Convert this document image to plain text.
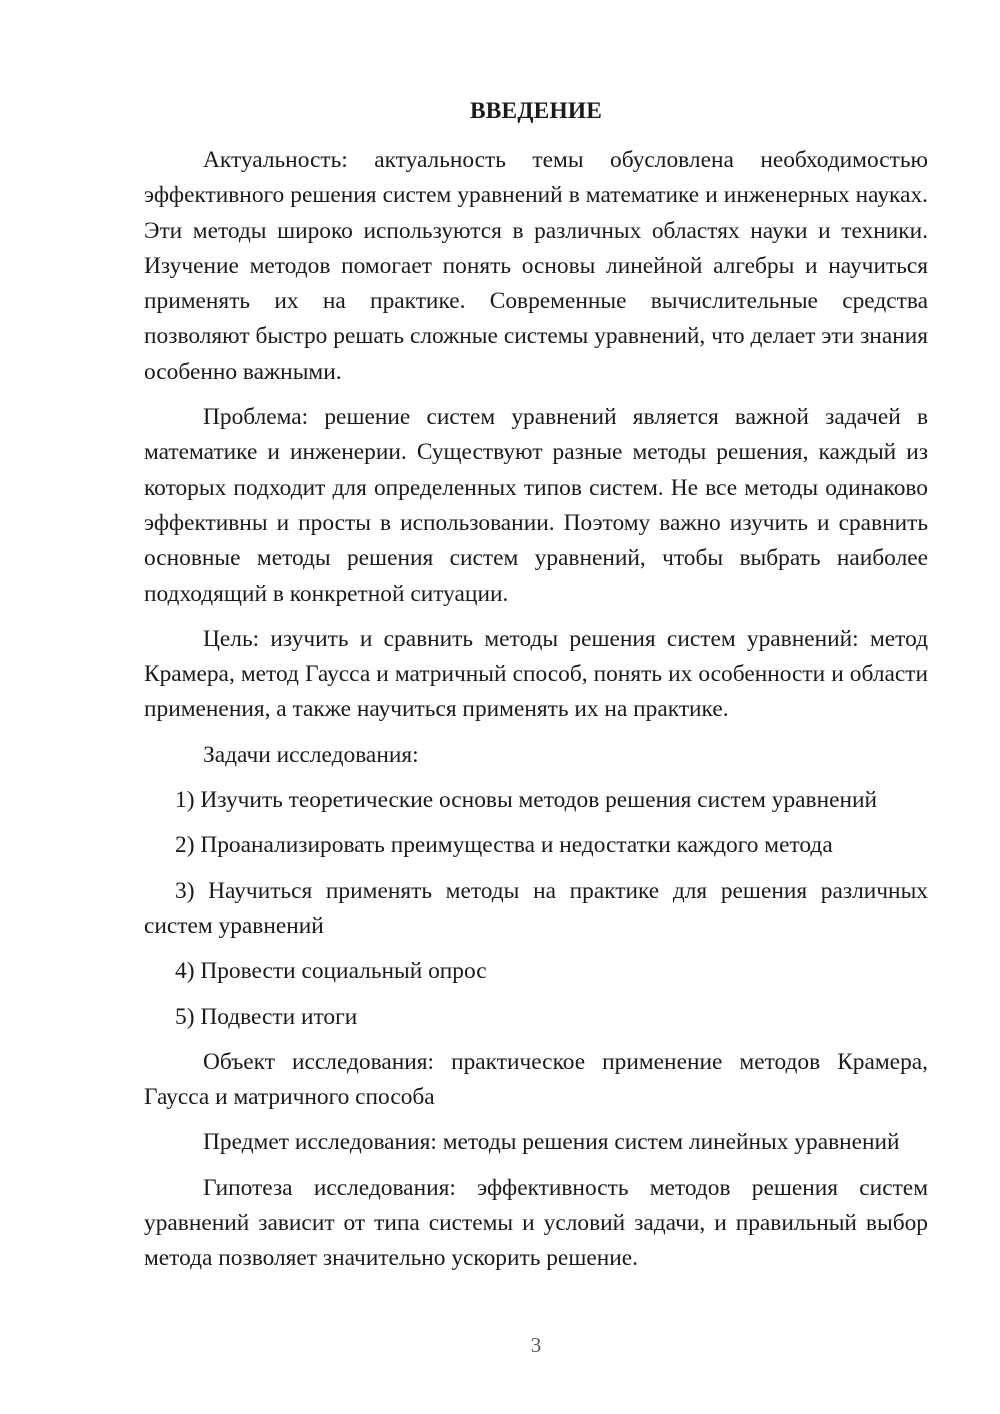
ВВЕДЕНИЕ

Актуальность: актуальность темы обусловлена необходимостью эффективного решения систем уравнений в математике и инженерных науках. Эти методы широко используются в различных областях науки и техники. Изучение методов помогает понять основы линейной алгебры и научиться применять их на практике. Современные вычислительные средства позволяют быстро решать сложные системы уравнений, что делает эти знания особенно важными.

Проблема: решение систем уравнений является важной задачей в математике и инженерии. Существуют разные методы решения, каждый из которых подходит для определенных типов систем. Не все методы одинаково эффективны и просты в использовании. Поэтому важно изучить и сравнить основные методы решения систем уравнений, чтобы выбрать наиболее подходящий в конкретной ситуации.

Цель: изучить и сравнить методы решения систем уравнений: метод Крамера, метод Гаусса и матричный способ, понять их особенности и области применения, а также научиться применять их на практике.

Задачи исследования:

1) Изучить теоретические основы методов решения систем уравнений

2) Проанализировать преимущества и недостатки каждого метода

3) Научиться применять методы на практике для решения различных систем уравнений

4) Провести социальный опрос

5) Подвести итоги

Объект исследования: практическое применение методов Крамера, Гаусса и матричного способа

Предмет исследования: методы решения систем линейных уравнений

Гипотеза исследования: эффективность методов решения систем уравнений зависит от типа системы и условий задачи, и правильный выбор метода позволяет значительно ускорить решение.

3
